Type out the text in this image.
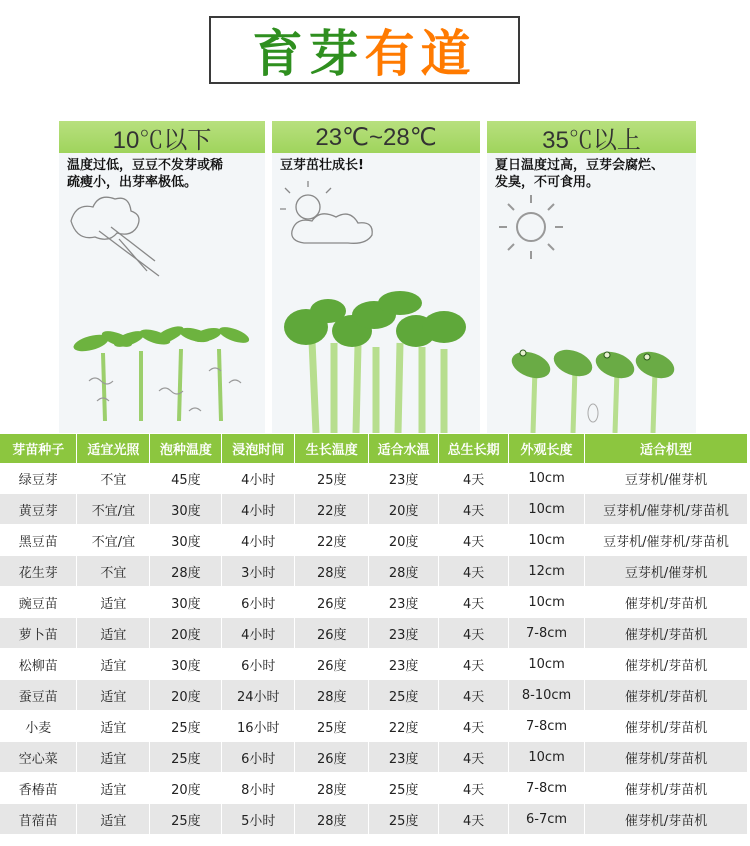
育芽 有道
10℃以下
温度过低，豆豆不发芽或稀
疏瘦小，出芽率极低。
23℃~28℃
豆芽茁壮成长!
35℃以上
夏日温度过高，豆芽会腐烂、
发臭，不可食用。
芽苗种子	适宜光照	泡种温度	浸泡时间	生长温度	适合水温	总生长期	外观长度	适合机型
绿豆芽	不宜	45度	4小时	25度	23度	4天	10cm	豆芽机/催芽机
黄豆芽	不宜/宜	30度	4小时	22度	20度	4天	10cm	豆芽机/催芽机/芽苗机
黑豆苗	不宜/宜	30度	4小时	22度	20度	4天	10cm	豆芽机/催芽机/芽苗机
花生芽	不宜	28度	3小时	28度	28度	4天	12cm	豆芽机/催芽机
豌豆苗	适宜	30度	6小时	26度	23度	4天	10cm	催芽机/芽苗机
萝卜苗	适宜	20度	4小时	26度	23度	4天	7-8cm	催芽机/芽苗机
松柳苗	适宜	30度	6小时	26度	23度	4天	10cm	催芽机/芽苗机
蚕豆苗	适宜	20度	24小时	28度	25度	4天	8-10cm	催芽机/芽苗机
小麦	适宜	25度	16小时	25度	22度	4天	7-8cm	催芽机/芽苗机
空心菜	适宜	25度	6小时	26度	23度	4天	10cm	催芽机/芽苗机
香椿苗	适宜	20度	8小时	28度	25度	4天	7-8cm	催芽机/芽苗机
苜蓿苗	适宜	25度	5小时	28度	25度	4天	6-7cm	催芽机/芽苗机
